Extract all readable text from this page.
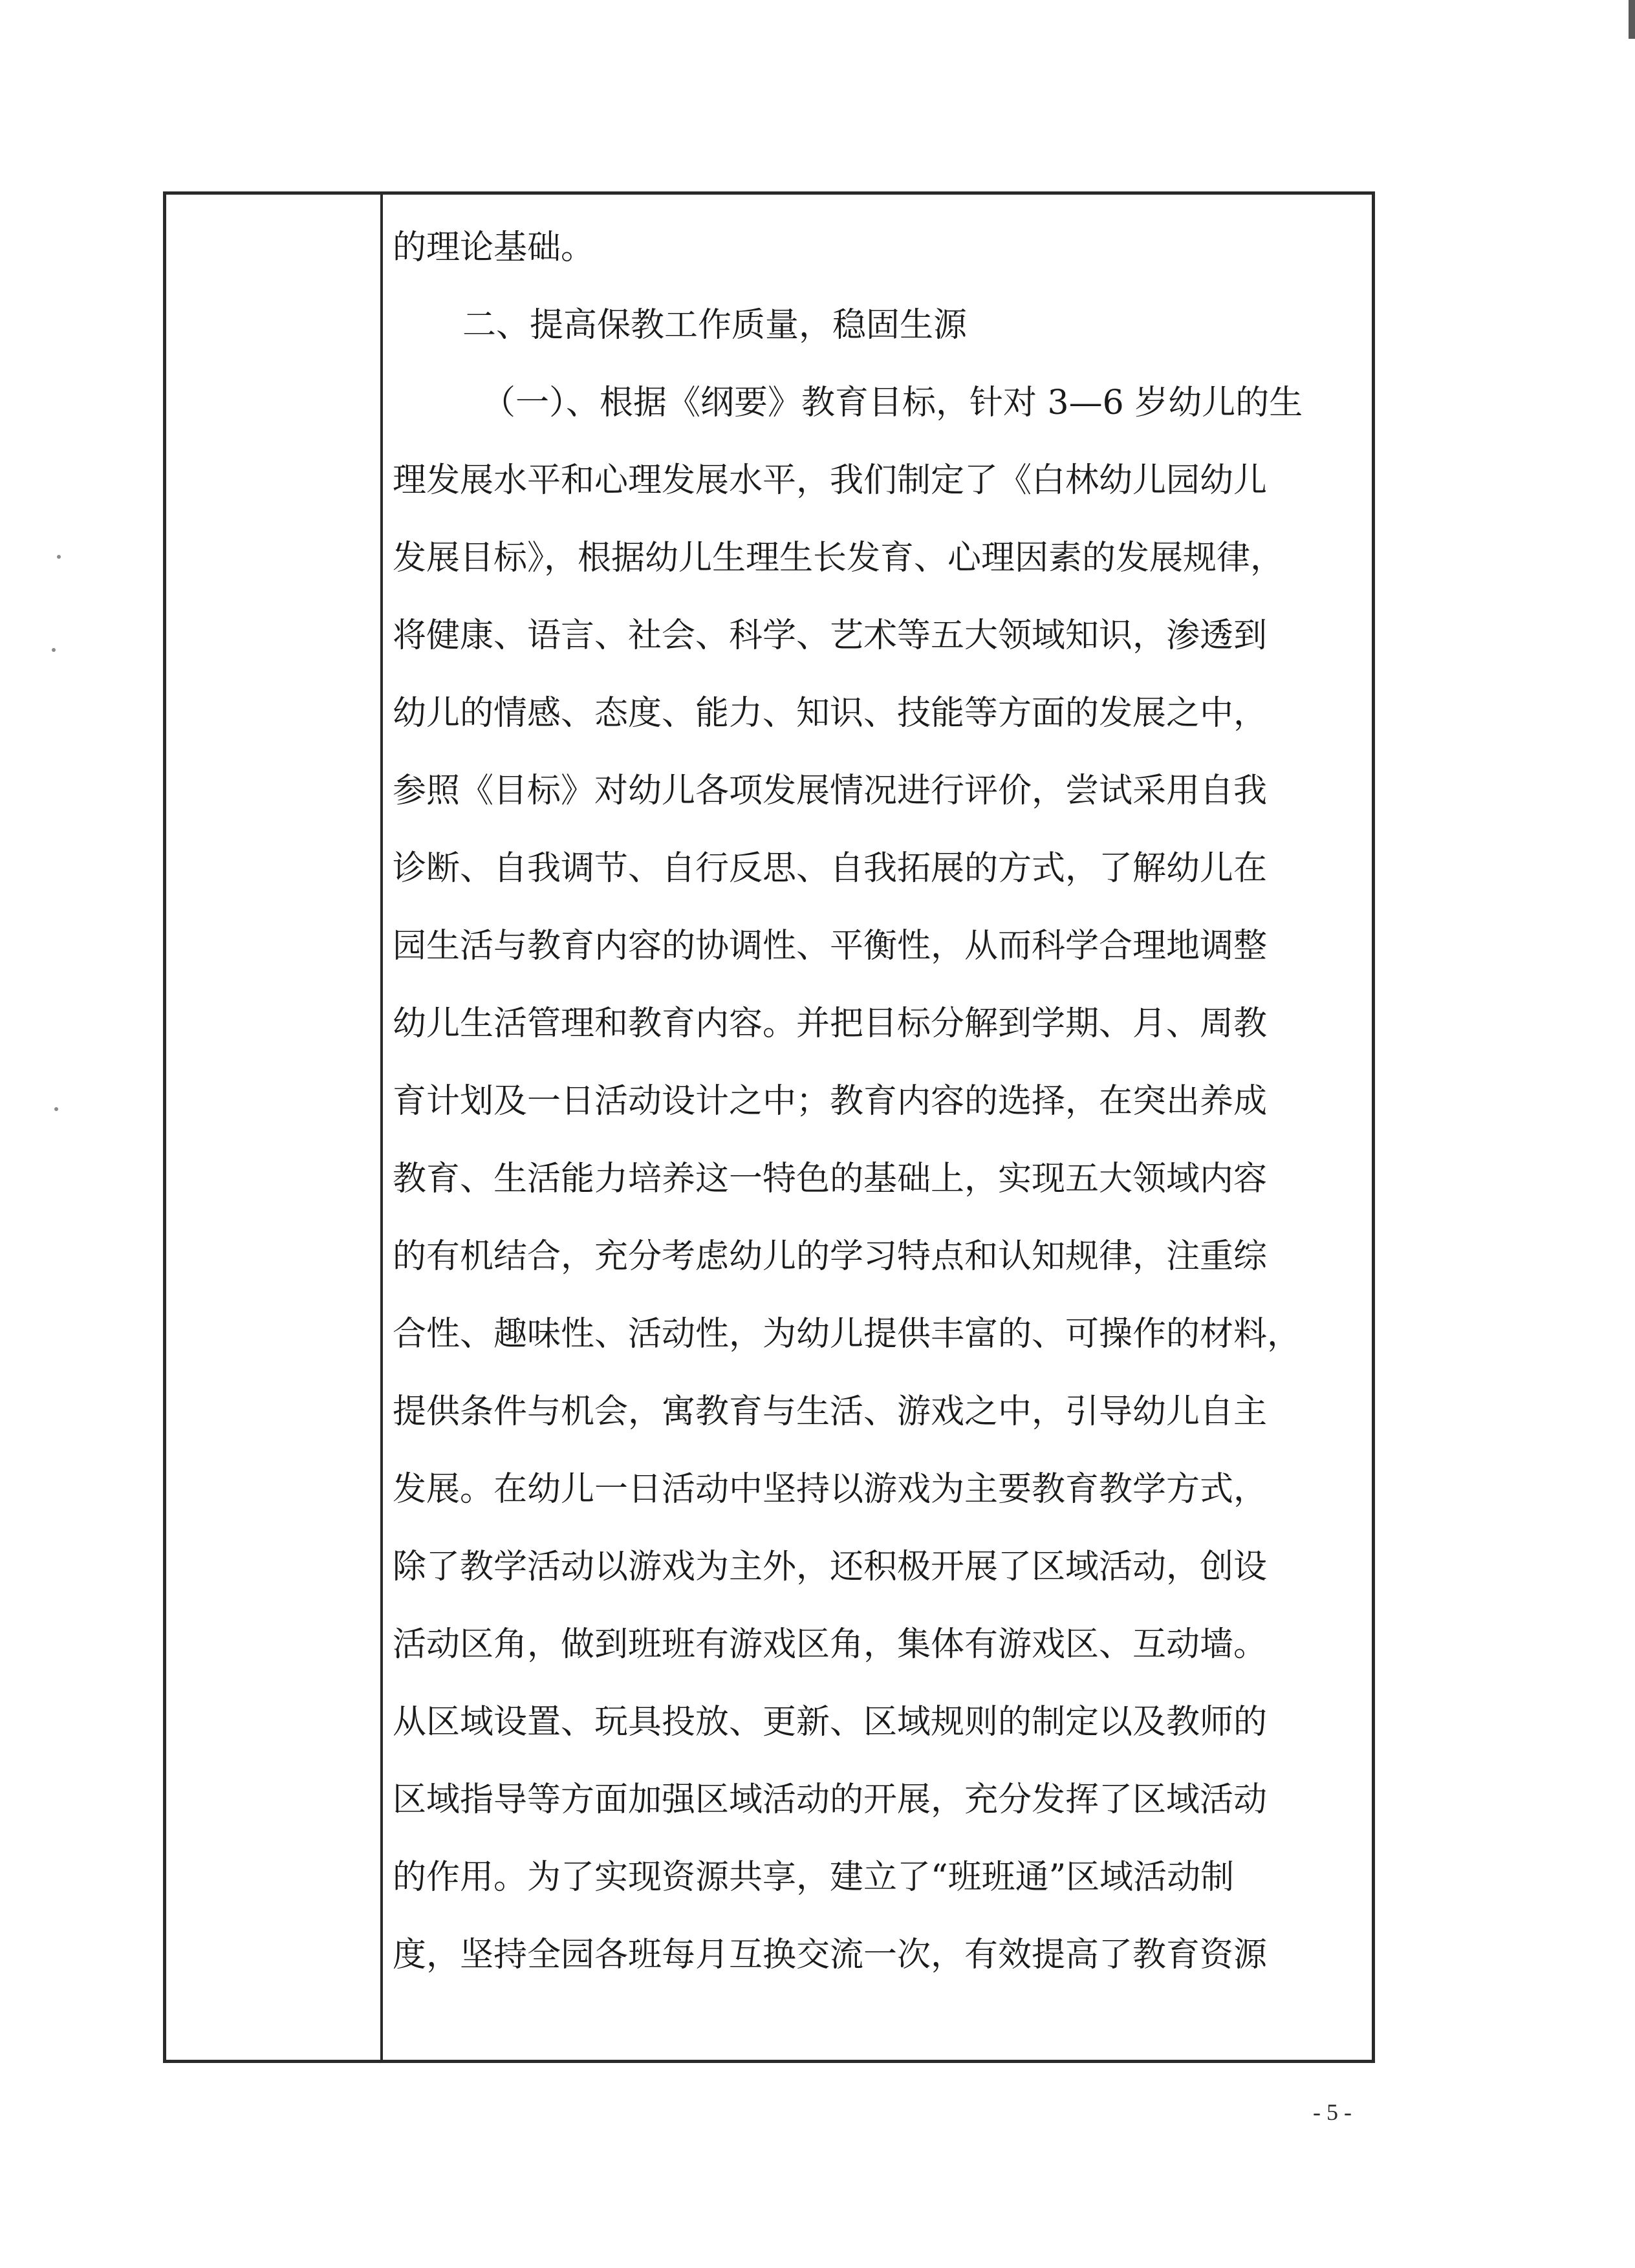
的理论基础。
二、提高保教工作质量，稳固生源
（一）、根据《纲要》教育目标，针对 3—6 岁幼儿的生
理发展水平和心理发展水平，我们制定了《白林幼儿园幼儿
发展目标》，根据幼儿生理生长发育、心理因素的发展规律，
将健康、语言、社会、科学、艺术等五大领域知识，渗透到
幼儿的情感、态度、能力、知识、技能等方面的发展之中，
参照《目标》对幼儿各项发展情况进行评价，尝试采用自我
诊断、自我调节、自行反思、自我拓展的方式，了解幼儿在
园生活与教育内容的协调性、平衡性，从而科学合理地调整
幼儿生活管理和教育内容。并把目标分解到学期、月、周教
育计划及一日活动设计之中；教育内容的选择，在突出养成
教育、生活能力培养这一特色的基础上，实现五大领域内容
的有机结合，充分考虑幼儿的学习特点和认知规律，注重综
合性、趣味性、活动性，为幼儿提供丰富的、可操作的材料，
提供条件与机会，寓教育与生活、游戏之中，引导幼儿自主
发展。在幼儿一日活动中坚持以游戏为主要教育教学方式，
除了教学活动以游戏为主外，还积极开展了区域活动，创设
活动区角，做到班班有游戏区角，集体有游戏区、互动墙。
从区域设置、玩具投放、更新、区域规则的制定以及教师的
区域指导等方面加强区域活动的开展，充分发挥了区域活动
的作用。为了实现资源共享，建立了“班班通”区域活动制
度，坚持全园各班每月互换交流一次，有效提高了教育资源
- 5 -
